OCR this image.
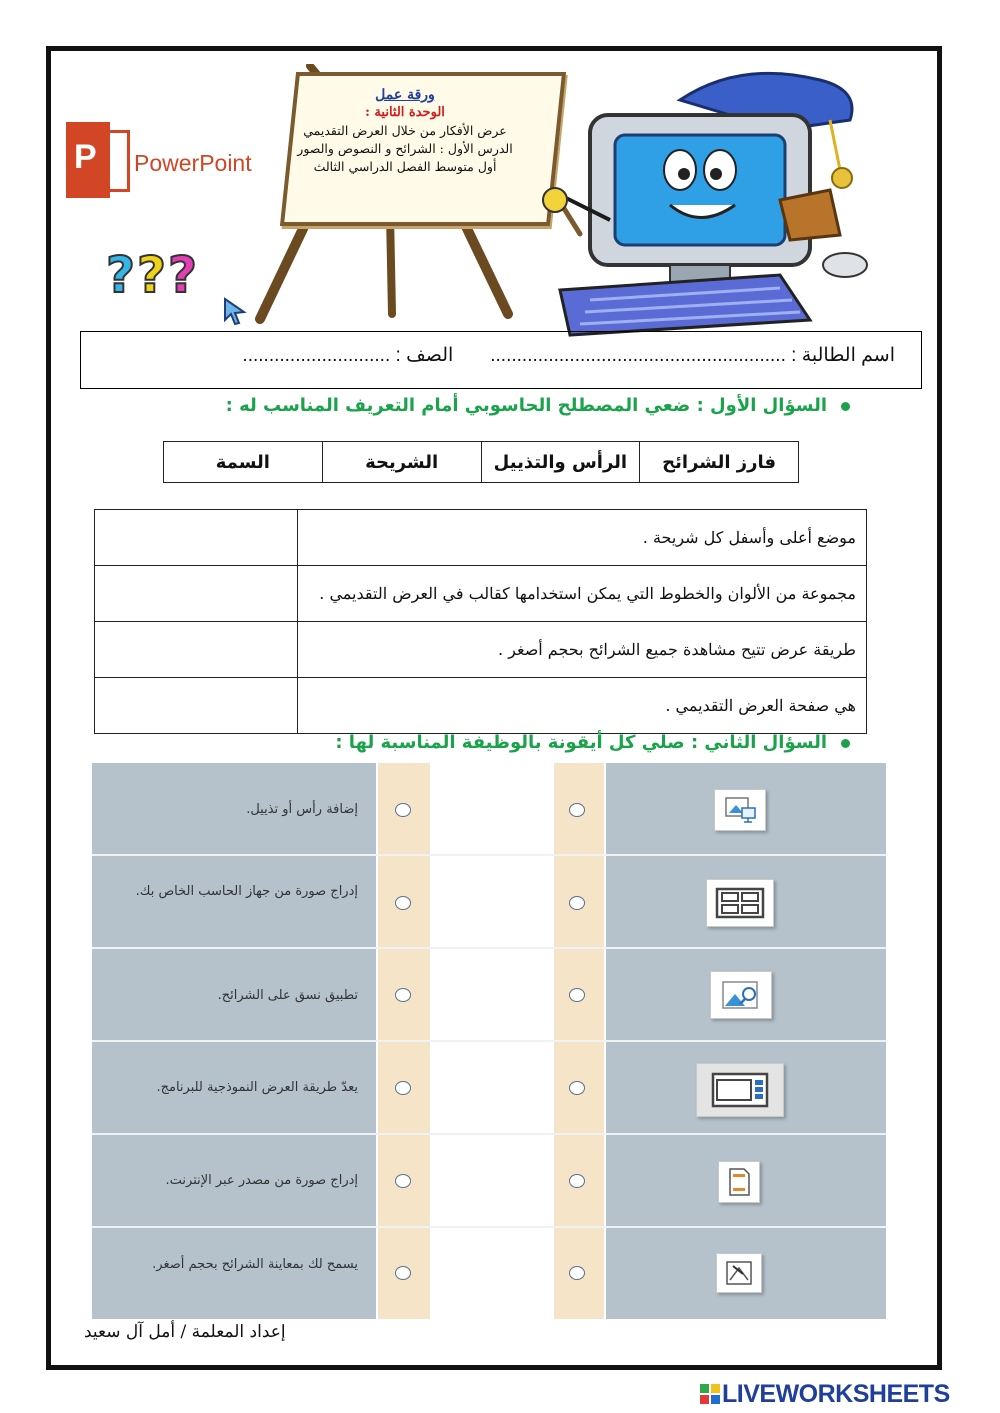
P PowerPoint
???
ورقة عمل
الوحدة الثانية :
عرض الأفكار من خلال العرض التقديمي
الدرس الأول : الشرائح و النصوص والصور
أول متوسط الفصل الدراسي الثالث
اسم الطالبة : ........................................................       الصف : ............................
السؤال الأول : ضعي المصطلح الحاسوبي أمام التعريف المناسب له :
فارز الشرائح	الرأس والتذييل	الشريحة	السمة
موضع أعلى وأسفل كل شريحة .	
مجموعة من الألوان والخطوط التي يمكن استخدامها كقالب في العرض التقديمي .	
طريقة عرض تتيح مشاهدة جميع الشرائح بحجم أصغر .	
هي صفحة العرض التقديمي .	
السؤال الثاني : صلي كل أيقونة بالوظيفة المناسبة لها :
إضافة رأس أو تذييل.
إدراج صورة من جهاز الحاسب الخاص بك.
تطبيق نسق على الشرائح.
يعدّ طريقة العرض النموذجية للبرنامج.
إدراج صورة من مصدر عبر الإنترنت.
يسمح لك بمعاينة الشرائح بحجم أصغر.
إعداد المعلمة / أمل آل سعيد
LIVEWORKSHEETS
